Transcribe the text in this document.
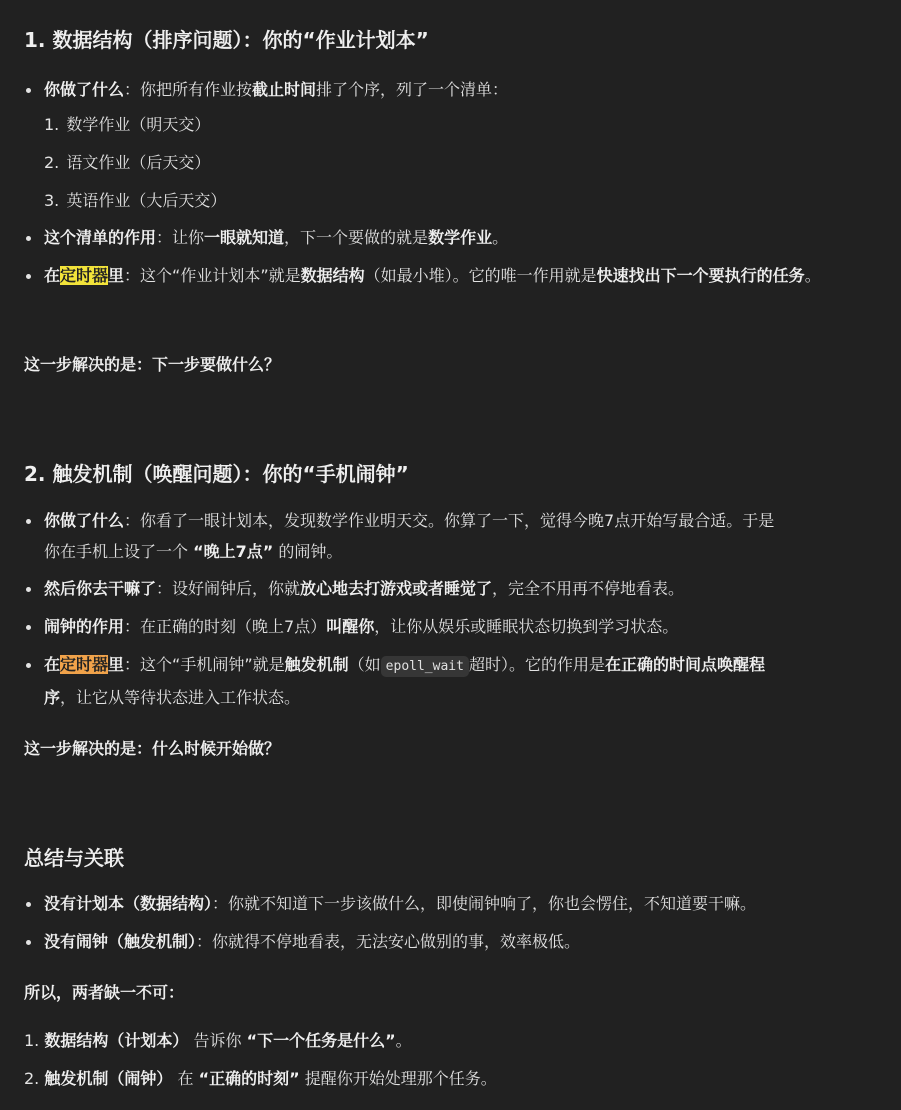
1. 数据结构（排序问题）：你的“作业计划本”
你做了什么：你把所有作业按截止时间排了个序，列了一个清单：
1. 数学作业（明天交）
2. 语文作业（后天交）
3. 英语作业（大后天交）
这个清单的作用：让你一眼就知道，下一个要做的就是数学作业。
在定时器里：这个“作业计划本”就是数据结构（如最小堆）。它的唯一作用就是快速找出下一个要执行的任务。
这一步解决的是：下一步要做什么？
2. 触发机制（唤醒问题）：你的“手机闹钟”
你做了什么：你看了一眼计划本，发现数学作业明天交。你算了一下，觉得今晚7点开始写最合适。于是
你在手机上设了一个 “晚上7点” 的闹钟。
然后你去干嘛了：设好闹钟后，你就放心地去打游戏或者睡觉了，完全不用再不停地看表。
闹钟的作用：在正确的时刻（晚上7点）叫醒你，让你从娱乐或睡眠状态切换到学习状态。
在定时器里：这个“手机闹钟”就是触发机制（如 epoll_wait 超时）。它的作用是在正确的时间点唤醒程
序，让它从等待状态进入工作状态。
这一步解决的是：什么时候开始做？
总结与关联
没有计划本（数据结构）：你就不知道下一步该做什么，即使闹钟响了，你也会愣住，不知道要干嘛。
没有闹钟（触发机制）：你就得不停地看表，无法安心做别的事，效率极低。
所以，两者缺一不可：
1. 数据结构（计划本） 告诉你 “下一个任务是什么”。
2. 触发机制（闹钟） 在 “正确的时刻” 提醒你开始处理那个任务。
